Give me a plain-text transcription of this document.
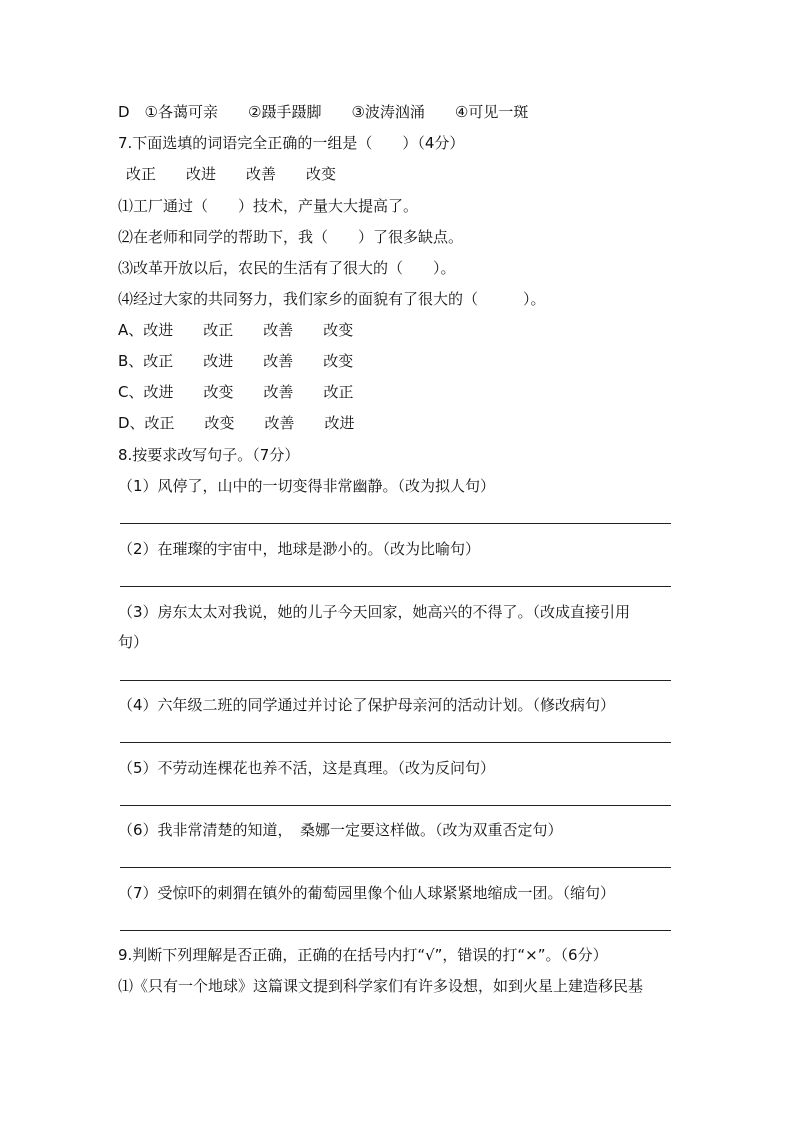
D　①各蔼可亲　　②蹑手蹑脚　　③波涛汹涌　　④可见一斑
7.下面选填的词语完全正确的一组是（　　）（4分）
改正　　改进　　改善　　改变
⑴工厂通过（　　）技术，产量大大提高了。
⑵在老师和同学的帮助下，我（　　）了很多缺点。
⑶改革开放以后，农民的生活有了很大的（　　）。
⑷经过大家的共同努力，我们家乡的面貌有了很大的（　　　）。
A、改进　　改正　　改善　　改变
B、改正　　改进　　改善　　改变
C、改进　　改变　　改善　　改正
D、改正　　改变　　改善　　改进
8.按要求改写句子。（7分）
（1）风停了，山中的一切变得非常幽静。（改为拟人句）
（2）在璀璨的宇宙中，地球是渺小的。（改为比喻句）
（3）房东太太对我说，她的儿子今天回家，她高兴的不得了。（改成直接引用
句）
（4）六年级二班的同学通过并讨论了保护母亲河的活动计划。（修改病句）
（5）不劳动连棵花也养不活，这是真理。（改为反问句）
（6）我非常清楚的知道，　桑娜一定要这样做。（改为双重否定句）
（7）受惊吓的刺猬在镇外的葡萄园里像个仙人球紧紧地缩成一团。（缩句）
9.判断下列理解是否正确，正确的在括号内打“√”，错误的打“×”。（6分）
⑴《只有一个地球》这篇课文提到科学家们有许多设想，如到火星上建造移民基
